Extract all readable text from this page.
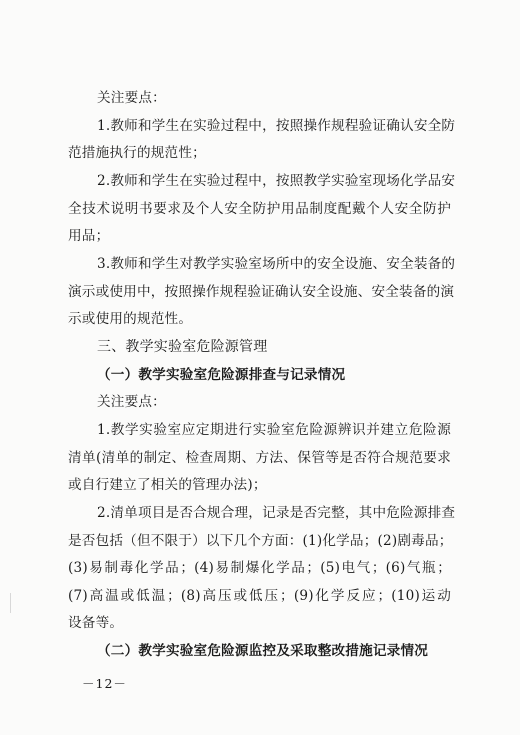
关注要点：
1.教师和学生在实验过程中，按照操作规程验证确认安全防
范措施执行的规范性；
2.教师和学生在实验过程中，按照教学实验室现场化学品安
全技术说明书要求及个人安全防护用品制度配戴个人安全防护
用品；
3.教师和学生对教学实验室场所中的安全设施、安全装备的
演示或使用中，按照操作规程验证确认安全设施、安全装备的演
示或使用的规范性。
三、教学实验室危险源管理
（一）教学实验室危险源排查与记录情况
关注要点：
1.教学实验室应定期进行实验室危险源辨识并建立危险源
清单(清单的制定、检查周期、方法、保管等是否符合规范要求
或自行建立了相关的管理办法)；
2.清单项目是否合规合理，记录是否完整，其中危险源排查
是否包括（但不限于）以下几个方面：(1)化学品；(2)剧毒品；
(3)易制毒化学品；(4)易制爆化学品；(5)电气；(6)气瓶；
(7)高温或低温；(8)高压或低压；(9)化学反应；(10)运动
设备等。
（二）教学实验室危险源监控及采取整改措施记录情况
－12－
